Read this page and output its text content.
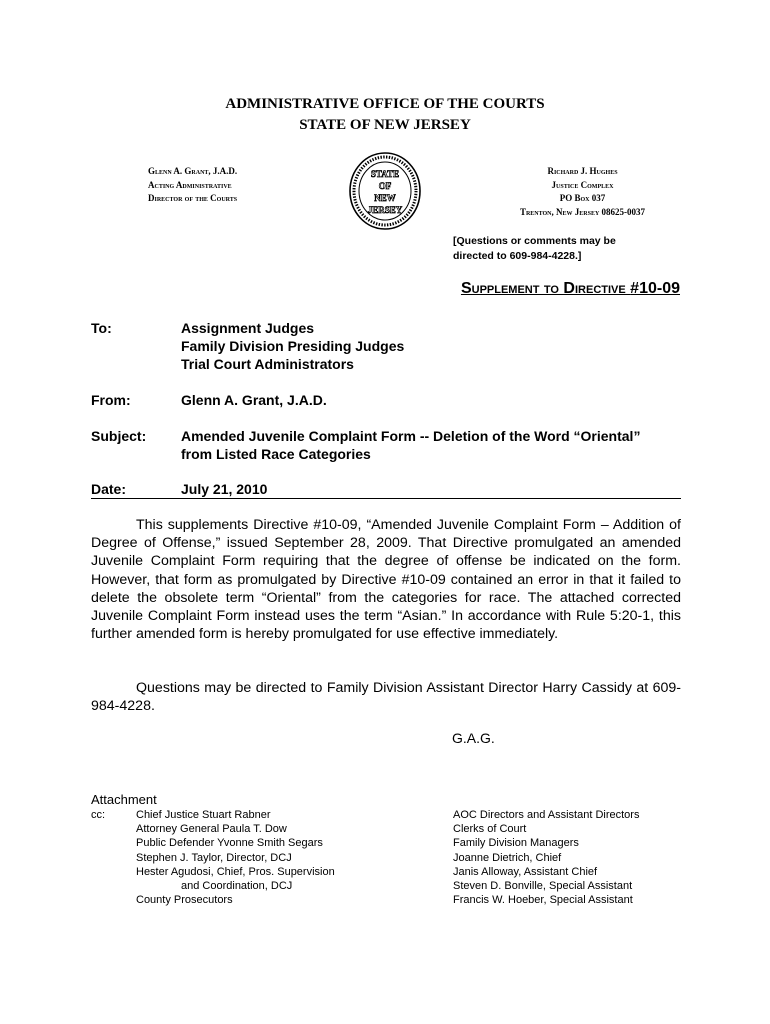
ADMINISTRATIVE OFFICE OF THE COURTS
STATE OF NEW JERSEY
Glenn A. Grant, J.A.D.
Acting Administrative
Director of the Courts
STATE
OF
NEW
JERSEY
Richard J. Hughes
Justice Complex
PO Box 037
Trenton, New Jersey 08625-0037
[Questions or comments may be
directed to 609-984-4228.]
Supplement to Directive #10-09
To:	Assignment Judges
Family Division Presiding Judges
Trial Court Administrators
From:	Glenn A. Grant, J.A.D.
Subject: Amended Juvenile Complaint Form -- Deletion of the Word “Oriental”
from Listed Race Categories
Date:	July 21, 2010
This supplements Directive #10-09, “Amended Juvenile Complaint Form – Addition of Degree of Offense,” issued September 28, 2009. That Directive promulgated an amended Juvenile Complaint Form requiring that the degree of offense be indicated on the form. However, that form as promulgated by Directive #10-09 contained an error in that it failed to delete the obsolete term “Oriental” from the categories for race. The attached corrected Juvenile Complaint Form instead uses the term “Asian.” In accordance with Rule 5:20-1, this further amended form is hereby promulgated for use effective immediately.
Questions may be directed to Family Division Assistant Director Harry Cassidy at 609-984-4228.
G.A.G.
Attachment
cc:	Chief Justice Stuart Rabner
Attorney General Paula T. Dow
Public Defender Yvonne Smith Segars
Stephen J. Taylor, Director, DCJ
Hester Agudosi, Chief, Pros. Supervision
and Coordination, DCJ
County Prosecutors
AOC Directors and Assistant Directors
Clerks of Court
Family Division Managers
Joanne Dietrich, Chief
Janis Alloway, Assistant Chief
Steven D. Bonville, Special Assistant
Francis W. Hoeber, Special Assistant
